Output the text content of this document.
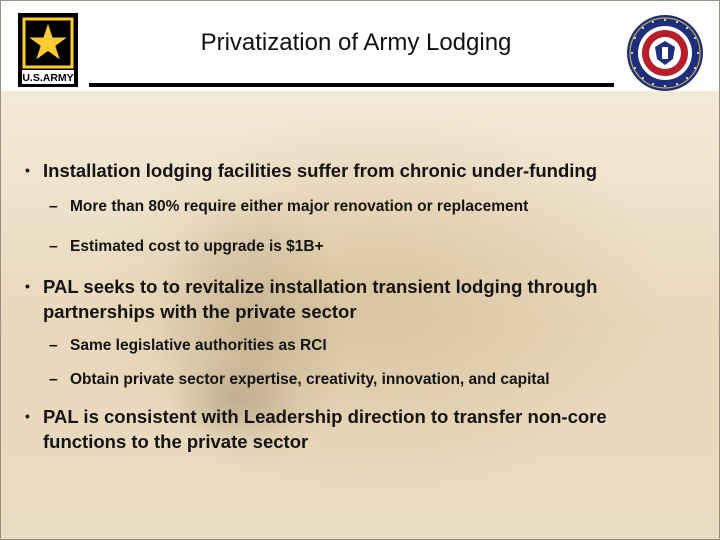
U.S.ARMY
Privatization of Army Lodging
• Installation lodging facilities suffer from chronic under-funding
– More than 80% require either major renovation or replacement
– Estimated cost to upgrade is $1B+
• PAL seeks to to revitalize installation transient lodging through partnerships with the private sector
– Same legislative authorities as RCI
– Obtain private sector expertise, creativity, innovation, and capital
• PAL is consistent with Leadership direction to transfer non-core functions to the private sector
